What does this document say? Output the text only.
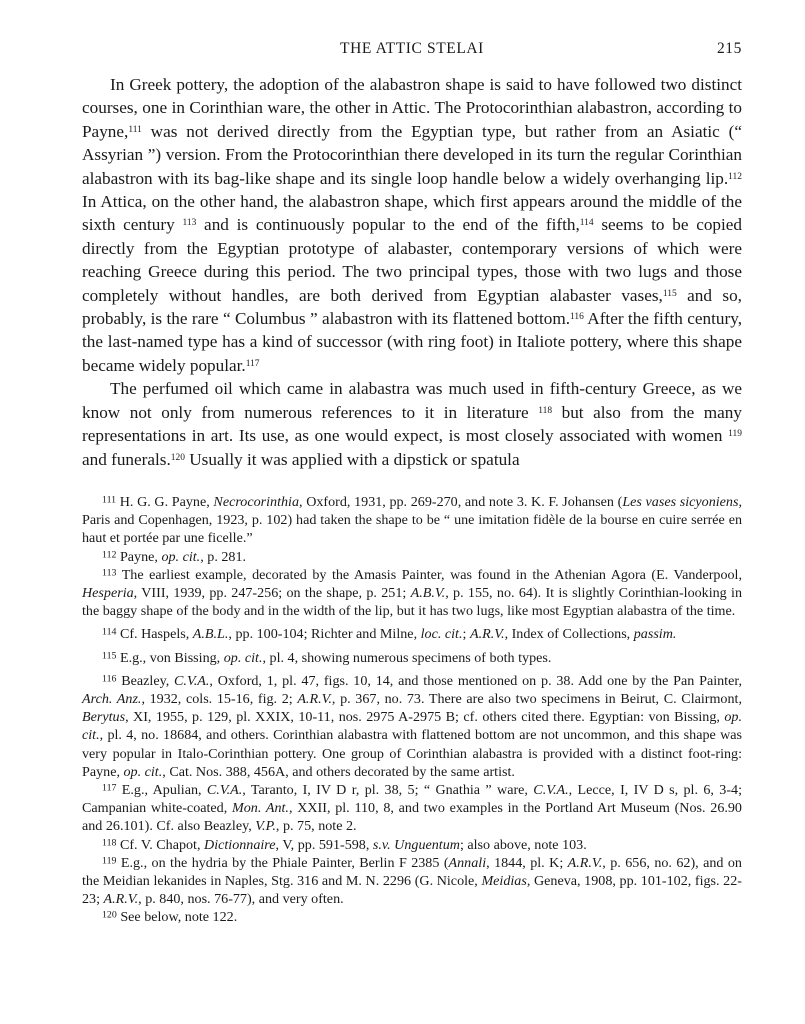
THE ATTIC STELAI	215

In Greek pottery, the adoption of the alabastron shape is said to have followed two distinct courses, one in Corinthian ware, the other in Attic. The Protocorinthian alabastron, according to Payne,$^{111}$ was not derived directly from the Egyptian type, but rather from an Asiatic (“ Assyrian ”) version. From the Protocorinthian there developed in its turn the regular Corinthian alabastron with its bag-like shape and its single loop handle below a widely overhanging lip.$^{112}$ In Attica, on the other hand, the alabastron shape, which first appears around the middle of the sixth century $^{113}$ and is continuously popular to the end of the fifth,$^{114}$ seems to be copied directly from the Egyptian prototype of alabaster, contemporary versions of which were reaching Greece during this period. The two principal types, those with two lugs and those completely without handles, are both derived from Egyptian alabaster vases,$^{115}$ and so, probably, is the rare “ Columbus ” alabastron with its flattened bottom.$^{116}$ After the fifth century, the last-named type has a kind of successor (with ring foot) in Italiote pottery, where this shape became widely popular.$^{117}$

The perfumed oil which came in alabastra was much used in fifth-century Greece, as we know not only from numerous references to it in literature $^{118}$ but also from the many representations in art. Its use, as one would expect, is most closely associated with women $^{119}$ and funerals.$^{120}$ Usually it was applied with a dipstick or spatula

$^{111}$ H. G. G. Payne, Necrocorinthia, Oxford, 1931, pp. 269-270, and note 3. K. F. Johansen (Les vases sicyoniens, Paris and Copenhagen, 1923, p. 102) had taken the shape to be “ une imitation fidèle de la bourse en cuire serrée en haut et portée par une ficelle.”

$^{112}$ Payne, op. cit., p. 281.

$^{113}$ The earliest example, decorated by the Amasis Painter, was found in the Athenian Agora (E. Vanderpool, Hesperia, VIII, 1939, pp. 247-256; on the shape, p. 251; A.B.V., p. 155, no. 64). It is slightly Corinthian-looking in the baggy shape of the body and in the width of the lip, but it has two lugs, like most Egyptian alabastra of the time.

$^{114}$ Cf. Haspels, A.B.L., pp. 100-104; Richter and Milne, loc. cit.; A.R.V., Index of Collections, passim.

$^{115}$ E.g., von Bissing, op. cit., pl. 4, showing numerous specimens of both types.

$^{116}$ Beazley, C.V.A., Oxford, 1, pl. 47, figs. 10, 14, and those mentioned on p. 38. Add one by the Pan Painter, Arch. Anz., 1932, cols. 15-16, fig. 2; A.R.V., p. 367, no. 73. There are also two specimens in Beirut, C. Clairmont, Berytus, XI, 1955, p. 129, pl. XXIX, 10-11, nos. 2975 A-2975 B; cf. others cited there. Egyptian: von Bissing, op. cit., pl. 4, no. 18684, and others. Corinthian alabastra with flattened bottom are not uncommon, and this shape was very popular in Italo-Corinthian pottery. One group of Corinthian alabastra is provided with a distinct foot-ring: Payne, op. cit., Cat. Nos. 388, 456A, and others decorated by the same artist.

$^{117}$ E.g., Apulian, C.V.A., Taranto, I, IV D r, pl. 38, 5; “ Gnathia ” ware, C.V.A., Lecce, I, IV D s, pl. 6, 3-4; Campanian white-coated, Mon. Ant., XXII, pl. 110, 8, and two examples in the Portland Art Museum (Nos. 26.90 and 26.101). Cf. also Beazley, V.P., p. 75, note 2.

$^{118}$ Cf. V. Chapot, Dictionnaire, V, pp. 591-598, s.v. Unguentum; also above, note 103.

$^{119}$ E.g., on the hydria by the Phiale Painter, Berlin F 2385 (Annali, 1844, pl. K; A.R.V., p. 656, no. 62), and on the Meidian lekanides in Naples, Stg. 316 and M. N. 2296 (G. Nicole, Meidias, Geneva, 1908, pp. 101-102, figs. 22-23; A.R.V., p. 840, nos. 76-77), and very often.

$^{120}$ See below, note 122.
